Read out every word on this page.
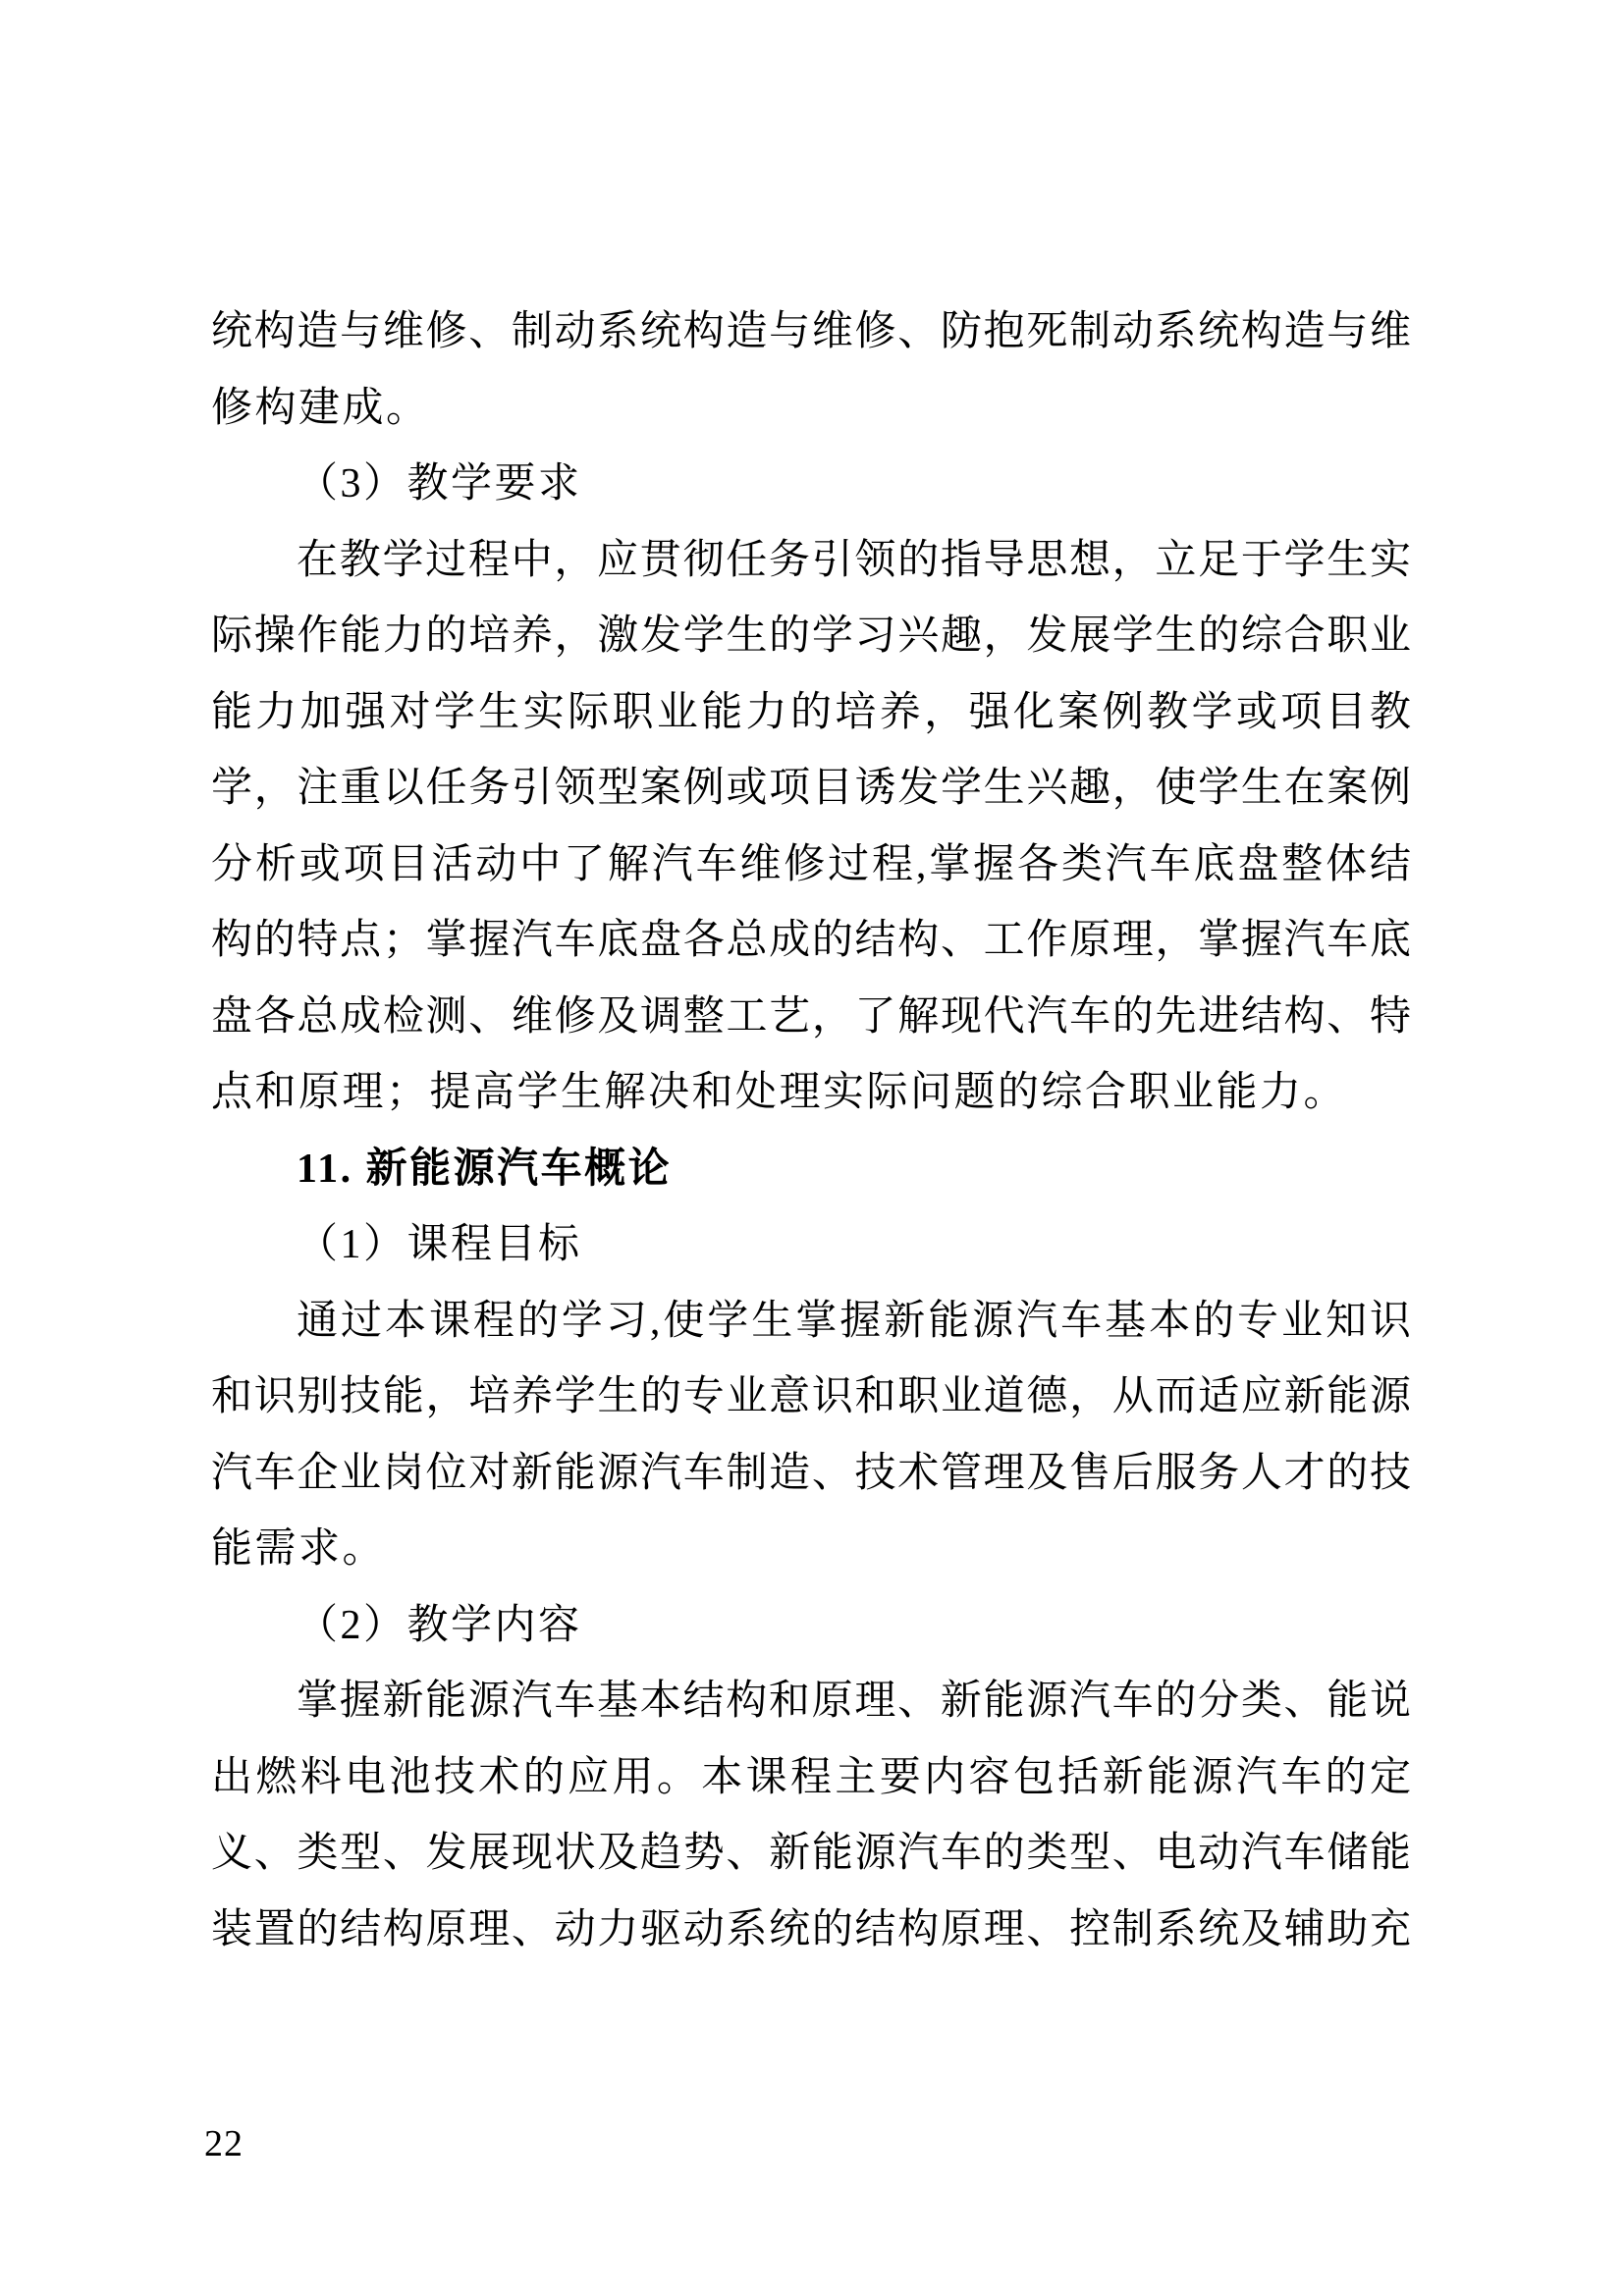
统构造与维修、制动系统构造与维修、防抱死制动系统构造与维
修构建成。
（3）教学要求
在教学过程中，应贯彻任务引领的指导思想，立足于学生实
际操作能力的培养，激发学生的学习兴趣，发展学生的综合职业
能力加强对学生实际职业能力的培养，强化案例教学或项目教
学，注重以任务引领型案例或项目诱发学生兴趣，使学生在案例
分析或项目活动中了解汽车维修过程,掌握各类汽车底盘整体结
构的特点；掌握汽车底盘各总成的结构、工作原理，掌握汽车底
盘各总成检测、维修及调整工艺，了解现代汽车的先进结构、特
点和原理；提高学生解决和处理实际问题的综合职业能力。
11. 新能源汽车概论
（1）课程目标
通过本课程的学习,使学生掌握新能源汽车基本的专业知识
和识别技能，培养学生的专业意识和职业道德，从而适应新能源
汽车企业岗位对新能源汽车制造、技术管理及售后服务人才的技
能需求。
（2）教学内容
掌握新能源汽车基本结构和原理、新能源汽车的分类、能说
出燃料电池技术的应用。本课程主要内容包括新能源汽车的定
义、类型、发展现状及趋势、新能源汽车的类型、电动汽车储能
装置的结构原理、动力驱动系统的结构原理、控制系统及辅助充
22
